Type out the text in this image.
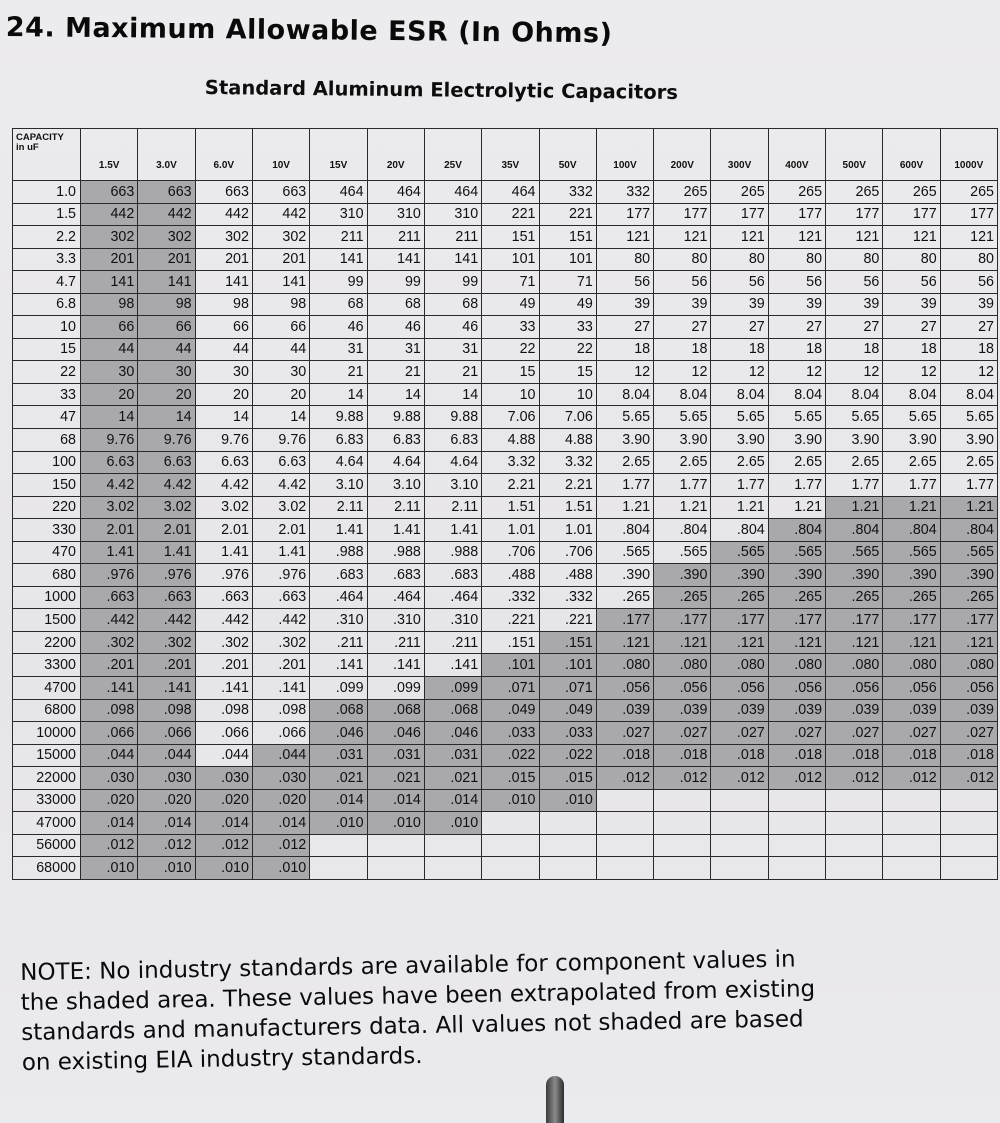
24. Maximum Allowable ESR (In Ohms)
Standard Aluminum Electrolytic Capacitors
CAPACITY
in uF	1.5V	3.0V	6.0V	10V	15V	20V	25V	35V	50V	100V	200V	300V	400V	500V	600V	1000V
1.0	663	663	663	663	464	464	464	464	332	332	265	265	265	265	265	265
1.5	442	442	442	442	310	310	310	221	221	177	177	177	177	177	177	177
2.2	302	302	302	302	211	211	211	151	151	121	121	121	121	121	121	121
3.3	201	201	201	201	141	141	141	101	101	80	80	80	80	80	80	80
4.7	141	141	141	141	99	99	99	71	71	56	56	56	56	56	56	56
6.8	98	98	98	98	68	68	68	49	49	39	39	39	39	39	39	39
10	66	66	66	66	46	46	46	33	33	27	27	27	27	27	27	27
15	44	44	44	44	31	31	31	22	22	18	18	18	18	18	18	18
22	30	30	30	30	21	21	21	15	15	12	12	12	12	12	12	12
33	20	20	20	20	14	14	14	10	10	8.04	8.04	8.04	8.04	8.04	8.04	8.04
47	14	14	14	14	9.88	9.88	9.88	7.06	7.06	5.65	5.65	5.65	5.65	5.65	5.65	5.65
68	9.76	9.76	9.76	9.76	6.83	6.83	6.83	4.88	4.88	3.90	3.90	3.90	3.90	3.90	3.90	3.90
100	6.63	6.63	6.63	6.63	4.64	4.64	4.64	3.32	3.32	2.65	2.65	2.65	2.65	2.65	2.65	2.65
150	4.42	4.42	4.42	4.42	3.10	3.10	3.10	2.21	2.21	1.77	1.77	1.77	1.77	1.77	1.77	1.77
220	3.02	3.02	3.02	3.02	2.11	2.11	2.11	1.51	1.51	1.21	1.21	1.21	1.21	1.21	1.21	1.21
330	2.01	2.01	2.01	2.01	1.41	1.41	1.41	1.01	1.01	.804	.804	.804	.804	.804	.804	.804
470	1.41	1.41	1.41	1.41	.988	.988	.988	.706	.706	.565	.565	.565	.565	.565	.565	.565
680	.976	.976	.976	.976	.683	.683	.683	.488	.488	.390	.390	.390	.390	.390	.390	.390
1000	.663	.663	.663	.663	.464	.464	.464	.332	.332	.265	.265	.265	.265	.265	.265	.265
1500	.442	.442	.442	.442	.310	.310	.310	.221	.221	.177	.177	.177	.177	.177	.177	.177
2200	.302	.302	.302	.302	.211	.211	.211	.151	.151	.121	.121	.121	.121	.121	.121	.121
3300	.201	.201	.201	.201	.141	.141	.141	.101	.101	.080	.080	.080	.080	.080	.080	.080
4700	.141	.141	.141	.141	.099	.099	.099	.071	.071	.056	.056	.056	.056	.056	.056	.056
6800	.098	.098	.098	.098	.068	.068	.068	.049	.049	.039	.039	.039	.039	.039	.039	.039
10000	.066	.066	.066	.066	.046	.046	.046	.033	.033	.027	.027	.027	.027	.027	.027	.027
15000	.044	.044	.044	.044	.031	.031	.031	.022	.022	.018	.018	.018	.018	.018	.018	.018
22000	.030	.030	.030	.030	.021	.021	.021	.015	.015	.012	.012	.012	.012	.012	.012	.012
33000	.020	.020	.020	.020	.014	.014	.014	.010	.010							
47000	.014	.014	.014	.014	.010	.010	.010									
56000	.012	.012	.012	.012												
68000	.010	.010	.010	.010												
NOTE: No industry standards are available for component values in
the shaded area. These values have been extrapolated from existing
standards and manufacturers data. All values not shaded are based
on existing EIA industry standards.
